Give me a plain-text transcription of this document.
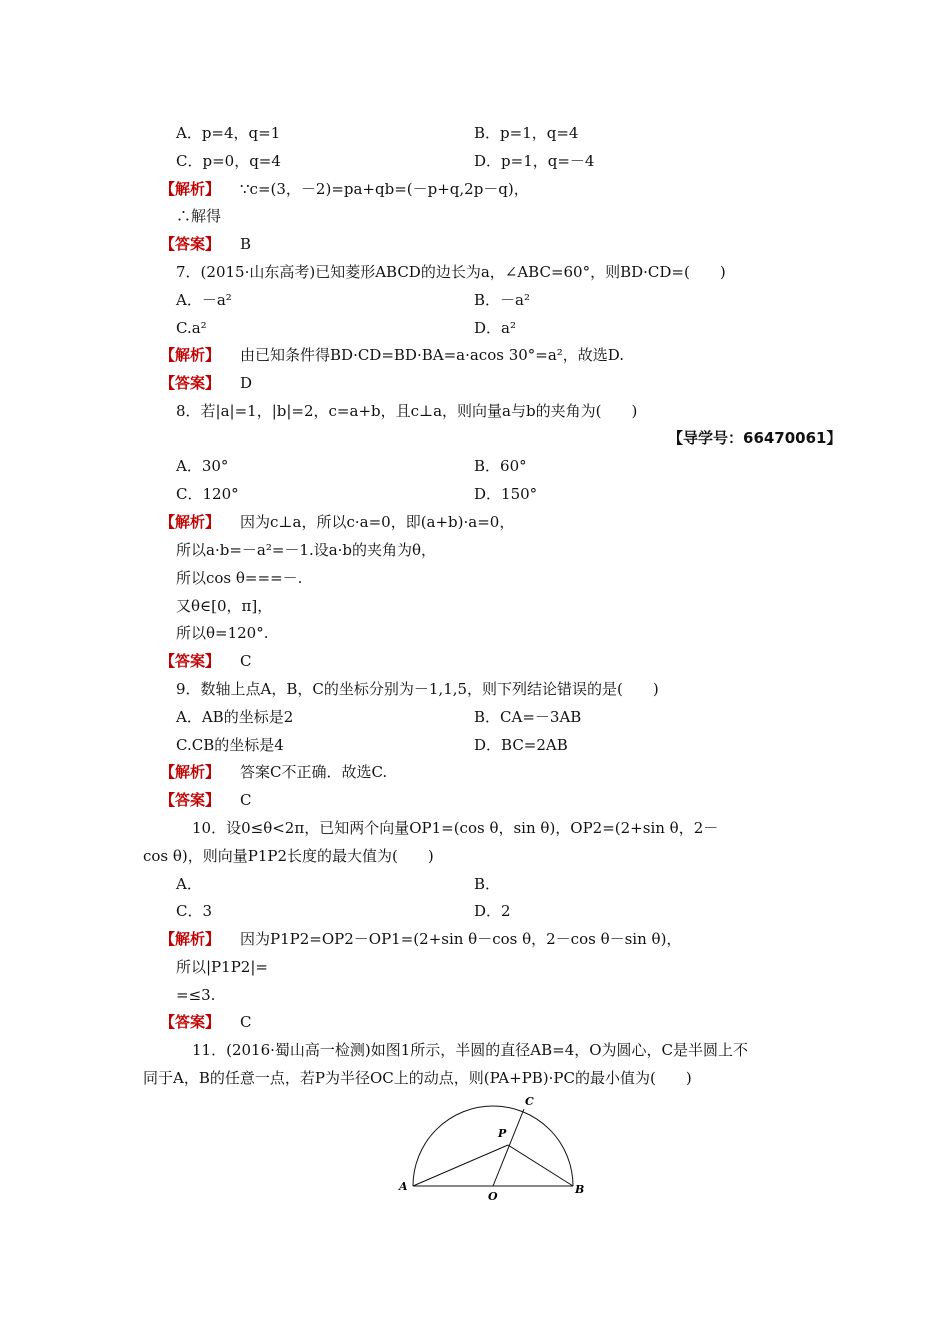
A．p=4，q=1	B．p=1，q=4
C．p=0，q=4	D．p=1，q=－4
【解析】 ∵c=(3，－2)=pa+qb=(－p+q,2p－q)，
∴解得
【答案】 B
7．(2015·山东高考)已知菱形ABCD的边长为a，∠ABC=60°，则BD·CD=(　　)
A．－a²	B．－a²
C.a²	D．a²
【解析】 由已知条件得BD·CD=BD·BA=a·acos 30°=a²，故选D.
【答案】 D
8．若|a|=1，|b|=2，c=a+b，且c⊥a，则向量a与b的夹角为(　　)
【导学号：66470061】
A．30°	B．60°
C．120°	D．150°
【解析】 因为c⊥a，所以c·a=0，即(a+b)·a=0，
所以a·b=－a²=－1.设a·b的夹角为θ，
所以cos θ===－.
又θ∈[0，π]，
所以θ=120°.
【答案】 C
9．数轴上点A，B，C的坐标分别为－1,1,5，则下列结论错误的是(　　)
A．AB的坐标是2	B．CA=－3AB
C.CB的坐标是4	D．BC=2AB
【解析】 答案C不正确．故选C.
【答案】 C
10．设0≤θ<2π，已知两个向量OP1=(cos θ，sin θ)，OP2=(2+sin θ，2－
cos θ)，则向量P1P2长度的最大值为(　　)
A．	B．
C．3	D．2
【解析】 因为P1P2=OP2－OP1=(2+sin θ－cos θ，2－cos θ－sin θ)，
所以|P1P2|=
=≤3.
【答案】 C
11．(2016·蜀山高一检测)如图1所示，半圆的直径AB=4，O为圆心，C是半圆上不
同于A，B的任意一点，若P为半径OC上的动点，则(PA+PB)·PC的最小值为(　　)
A	B
O
P
C
